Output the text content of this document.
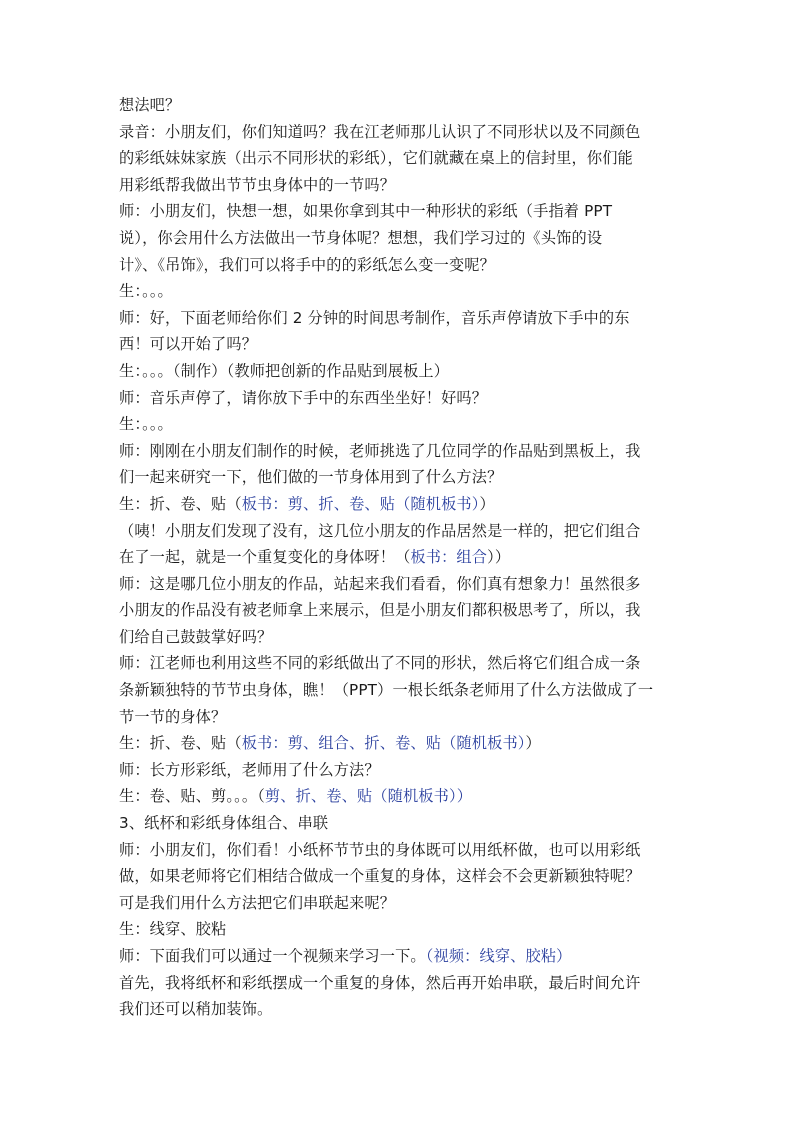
想法吧？
录音：小朋友们，你们知道吗？我在江老师那儿认识了不同形状以及不同颜色
的彩纸妹妹家族（出示不同形状的彩纸），它们就藏在桌上的信封里，你们能
用彩纸帮我做出节节虫身体中的一节吗？
师：小朋友们，快想一想，如果你拿到其中一种形状的彩纸（手指着 PPT
说），你会用什么方法做出一节身体呢？想想，我们学习过的《头饰的设
计》、《吊饰》，我们可以将手中的的彩纸怎么变一变呢？
生：。。。
师：好，下面老师给你们 2 分钟的时间思考制作，音乐声停请放下手中的东
西！可以开始了吗？
生：。。。（制作）（教师把创新的作品贴到展板上）
师：音乐声停了，请你放下手中的东西坐坐好！好吗？
生：。。。
师：刚刚在小朋友们制作的时候，老师挑选了几位同学的作品贴到黑板上，我
们一起来研究一下，他们做的一节身体用到了什么方法？
生：折、卷、贴（板书：剪、折、卷、贴（随机板书））
（咦！小朋友们发现了没有，这几位小朋友的作品居然是一样的，把它们组合
在了一起，就是一个重复变化的身体呀！（板书：组合））
师：这是哪几位小朋友的作品，站起来我们看看，你们真有想象力！虽然很多
小朋友的作品没有被老师拿上来展示，但是小朋友们都积极思考了，所以，我
们给自己鼓鼓掌好吗？
师：江老师也利用这些不同的彩纸做出了不同的形状，然后将它们组合成一条
条新颖独特的节节虫身体，瞧！（PPT）一根长纸条老师用了什么方法做成了一
节一节的身体？
生：折、卷、贴（板书：剪、组合、折、卷、贴（随机板书））
师：长方形彩纸，老师用了什么方法？
生：卷、贴、剪。。。（剪、折、卷、贴（随机板书））
3、纸杯和彩纸身体组合、串联
师：小朋友们，你们看！小纸杯节节虫的身体既可以用纸杯做，也可以用彩纸
做，如果老师将它们相结合做成一个重复的身体，这样会不会更新颖独特呢？
可是我们用什么方法把它们串联起来呢？
生：线穿、胶粘
师：下面我们可以通过一个视频来学习一下。（视频：线穿、胶粘）
首先，我将纸杯和彩纸摆成一个重复的身体，然后再开始串联，最后时间允许
我们还可以稍加装饰。
